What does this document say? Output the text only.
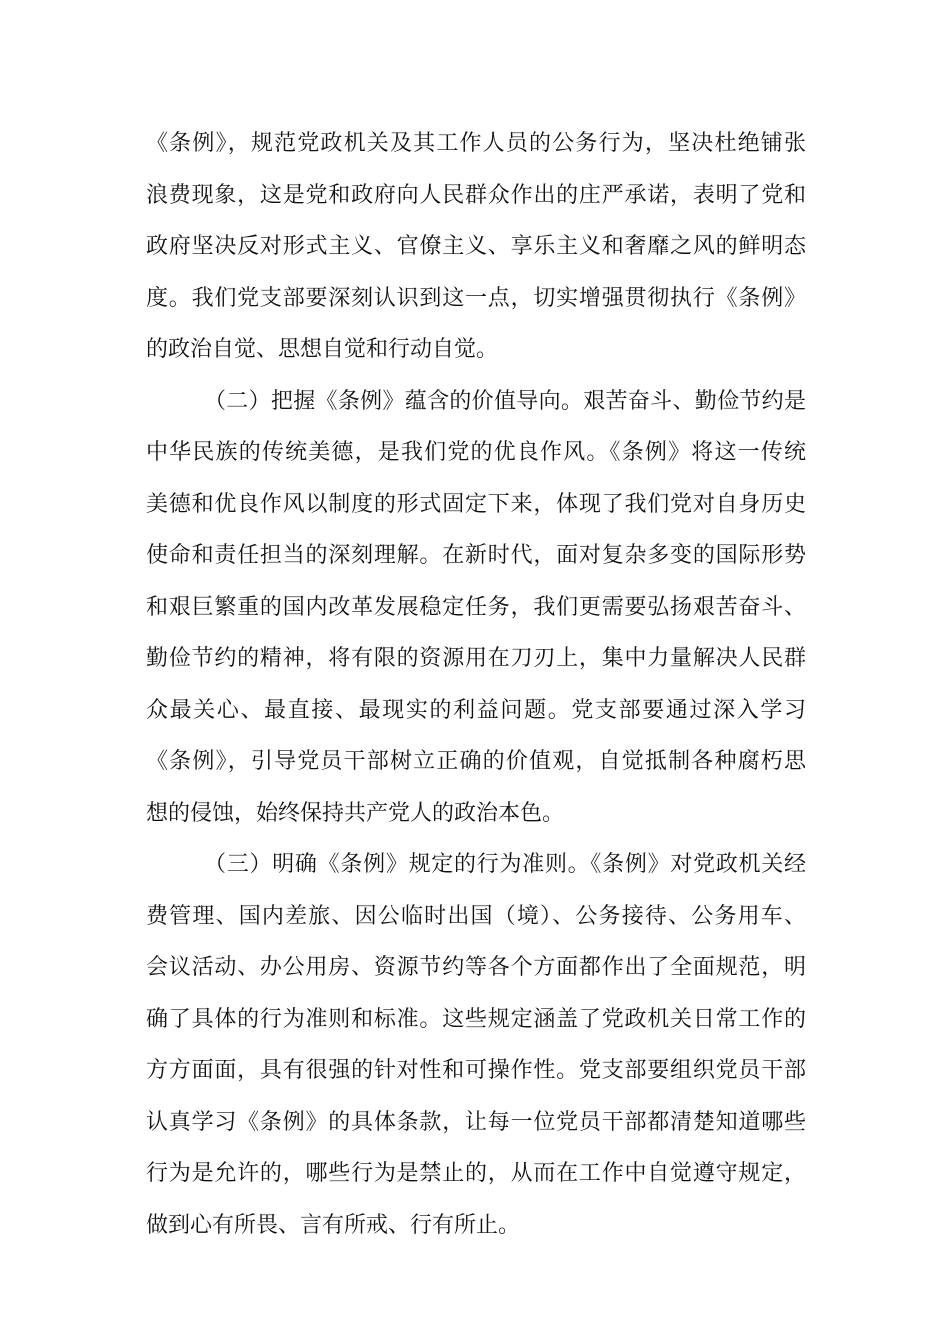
《条例》，规范党政机关及其工作人员的公务行为，坚决杜绝铺张
浪费现象，这是党和政府向人民群众作出的庄严承诺，表明了党和
政府坚决反对形式主义、官僚主义、享乐主义和奢靡之风的鲜明态
度。我们党支部要深刻认识到这一点，切实增强贯彻执行《条例》
的政治自觉、思想自觉和行动自觉。
（二）把握《条例》蕴含的价值导向。艰苦奋斗、勤俭节约是
中华民族的传统美德，是我们党的优良作风。《条例》将这一传统
美德和优良作风以制度的形式固定下来，体现了我们党对自身历史
使命和责任担当的深刻理解。在新时代，面对复杂多变的国际形势
和艰巨繁重的国内改革发展稳定任务，我们更需要弘扬艰苦奋斗、
勤俭节约的精神，将有限的资源用在刀刃上，集中力量解决人民群
众最关心、最直接、最现实的利益问题。党支部要通过深入学习
《条例》，引导党员干部树立正确的价值观，自觉抵制各种腐朽思
想的侵蚀，始终保持共产党人的政治本色。
（三）明确《条例》规定的行为准则。《条例》对党政机关经
费管理、国内差旅、因公临时出国（境）、公务接待、公务用车、
会议活动、办公用房、资源节约等各个方面都作出了全面规范，明
确了具体的行为准则和标准。这些规定涵盖了党政机关日常工作的
方方面面，具有很强的针对性和可操作性。党支部要组织党员干部
认真学习《条例》的具体条款，让每一位党员干部都清楚知道哪些
行为是允许的，哪些行为是禁止的，从而在工作中自觉遵守规定，
做到心有所畏、言有所戒、行有所止。
